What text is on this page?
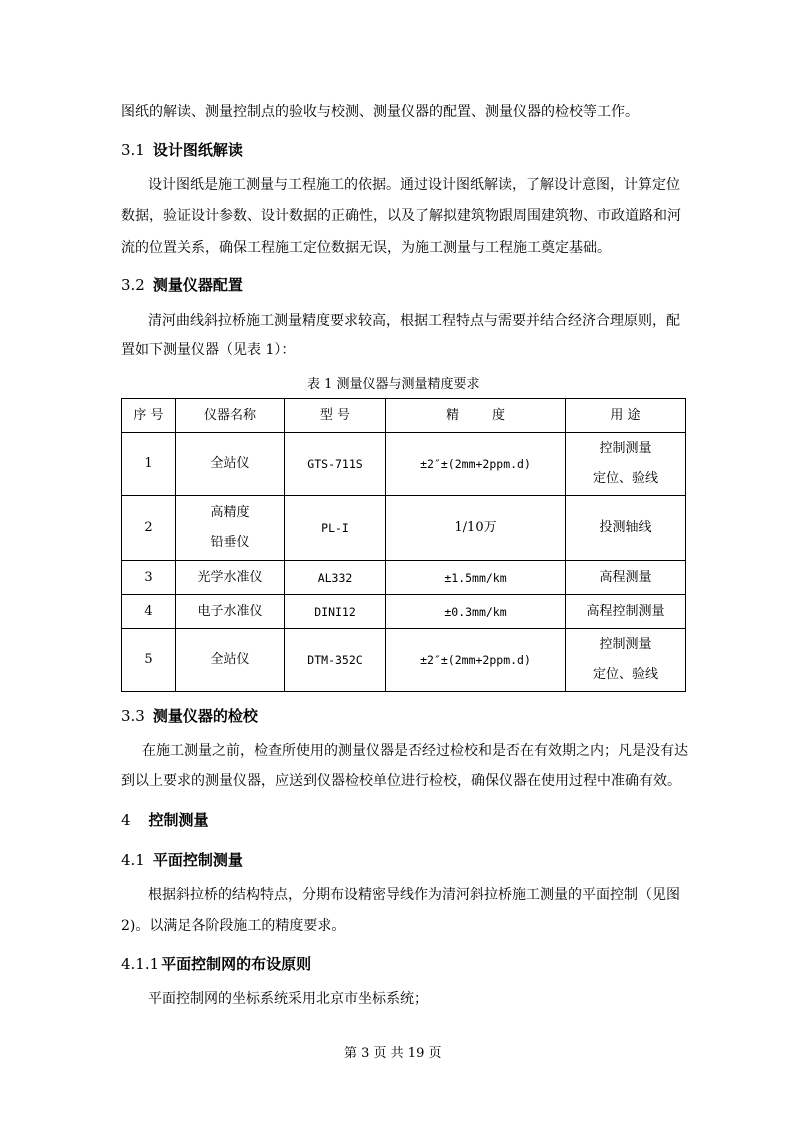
图纸的解读、测量控制点的验收与校测、测量仪器的配置、测量仪器的检校等工作。
3.1 设计图纸解读
设计图纸是施工测量与工程施工的依据。通过设计图纸解读，了解设计意图，计算定位
数据，验证设计参数、设计数据的正确性，以及了解拟建筑物跟周围建筑物、市政道路和河
流的位置关系，确保工程施工定位数据无误，为施工测量与工程施工奠定基础。
3.2 测量仪器配置
清河曲线斜拉桥施工测量精度要求较高，根据工程特点与需要并结合经济合理原则，配
置如下测量仪器（见表 1）：
表 1 测量仪器与测量精度要求
序 号	仪器名称	型 号	精        度	用 途
1	全站仪	GTS-711S	±2″±(2mm+2ppm.d)	控制测量
定位、验线

2	高精度
铅垂仪	PL-I	1/10万	投测轴线

3	光学水准仪	AL332	±1.5mm/km	高程测量

4	电子水准仪	DINI12	±0.3mm/km	高程控制测量

5	全站仪	DTM-352C	±2″±(2mm+2ppm.d)	控制测量
定位、验线
3.3 测量仪器的检校
在施工测量之前，检查所使用的测量仪器是否经过检校和是否在有效期之内；凡是没有达
到以上要求的测量仪器，应送到仪器检校单位进行检校，确保仪器在使用过程中准确有效。
4 控制测量
4.1 平面控制测量
根据斜拉桥的结构特点，分期布设精密导线作为清河斜拉桥施工测量的平面控制（见图
2)。以满足各阶段施工的精度要求。
4.1.1 平面控制网的布设原则
平面控制网的坐标系统采用北京市坐标系统；
第 3 页 共 19 页
